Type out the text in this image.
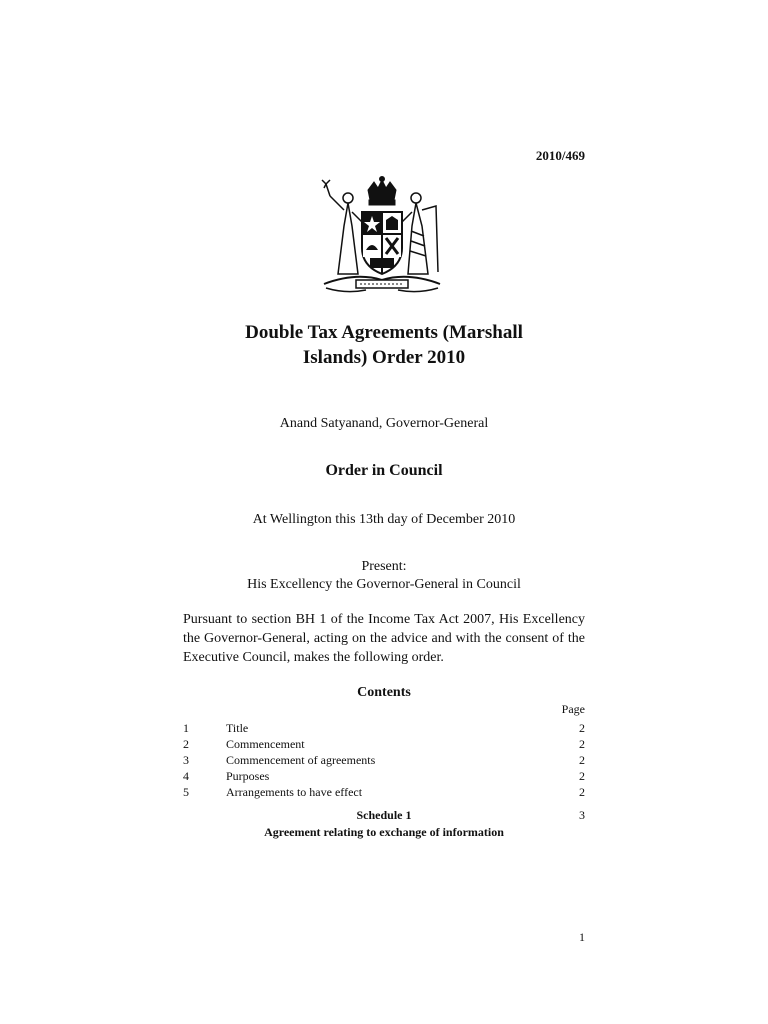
2010/469
Double Tax Agreements (Marshall
Islands) Order 2010
Anand Satyanand, Governor-General
Order in Council
At Wellington this 13th day of December 2010
Present:
His Excellency the Governor-General in Council
Pursuant to section BH 1 of the Income Tax Act 2007, His Excellency the Governor-General, acting on the advice and with the consent of the Executive Council, makes the following order.
Contents
Page
1	Title	2
2	Commencement	2
3	Commencement of agreements	2
4	Purposes	2
5	Arrangements to have effect	2
Schedule 1	3
Agreement relating to exchange of information
1
